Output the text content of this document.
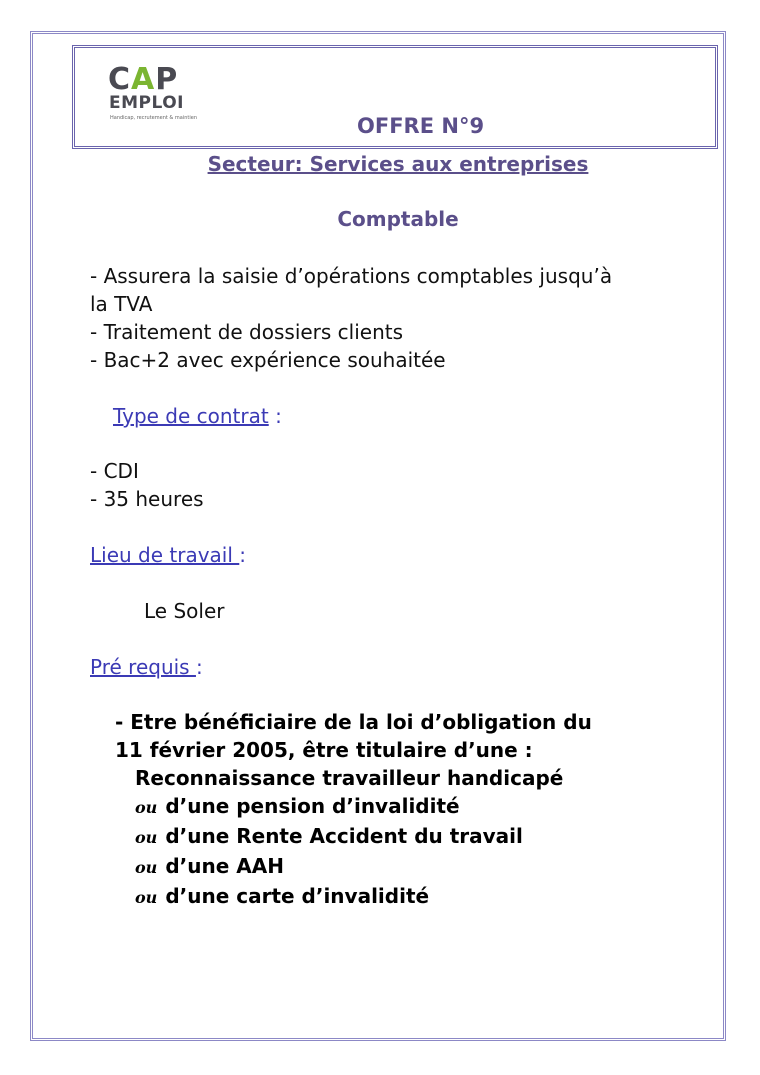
CAP
EMPLOI
Handicap, recrutement & maintien	OFFRE N°9
Secteur: Services aux entreprises
Comptable
- Assurera la saisie d’opérations comptables jusqu’à
la TVA
- Traitement de dossiers clients
- Bac+2 avec expérience souhaitée
Type de contrat :
- CDI
- 35 heures
Lieu de travail :
Le Soler
Pré requis :
- Etre bénéficiaire de la loi d’obligation du
11 février 2005, être titulaire d’une :
Reconnaissance travailleur handicapé
ou d’une pension d’invalidité
ou d’une Rente Accident du travail
ou d’une AAH
ou d’une carte d’invalidité
